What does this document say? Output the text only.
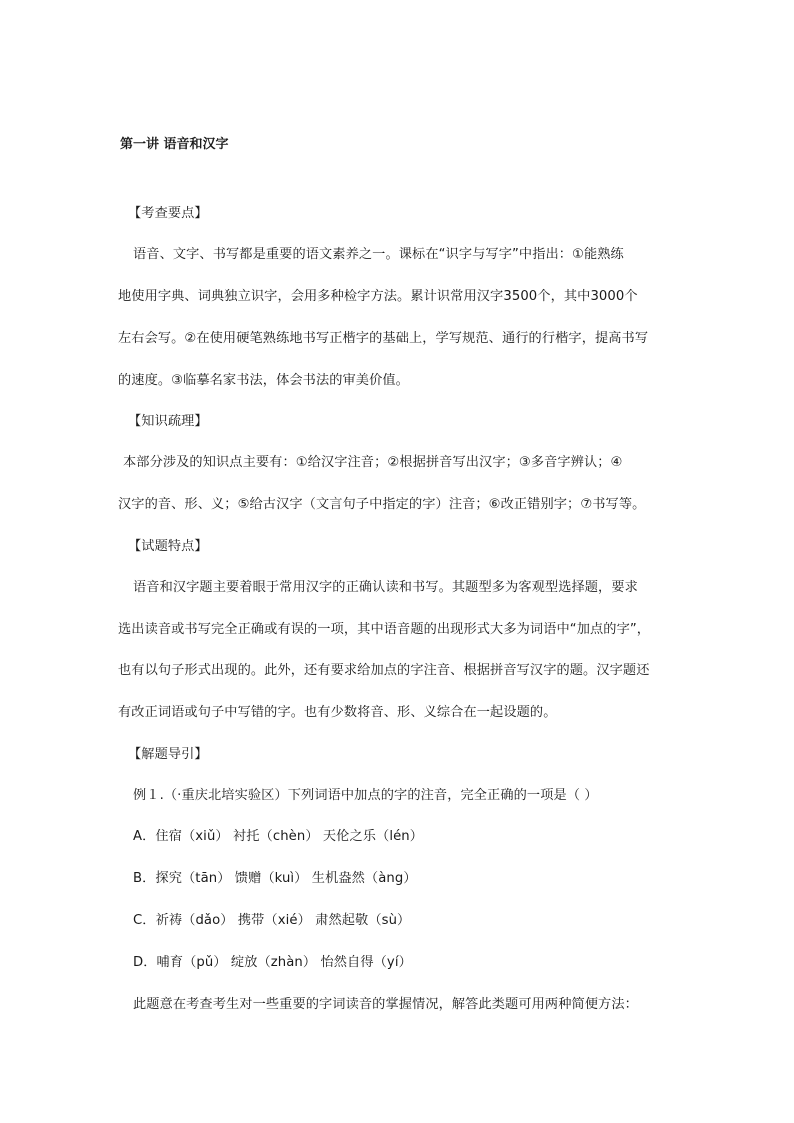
第一讲 语音和汉字
【考查要点】
语音、文字、书写都是重要的语文素养之一。课标在“识字与写字”中指出：①能熟练
地使用字典、词典独立识字，会用多种检字方法。累计识常用汉字3500个，其中3000个
左右会写。②在使用硬笔熟练地书写正楷字的基础上，学写规范、通行的行楷字，提高书写
的速度。③临摹名家书法，体会书法的审美价值。
【知识疏理】
本部分涉及的知识点主要有：①给汉字注音；②根据拼音写出汉字；③多音字辨认；④
汉字的音、形、义；⑤给古汉字（文言句子中指定的字）注音；⑥改正错别字；⑦书写等。
【试题特点】
语音和汉字题主要着眼于常用汉字的正确认读和书写。其题型多为客观型选择题，要求
选出读音或书写完全正确或有误的一项，其中语音题的出现形式大多为词语中“加点的字”，
也有以句子形式出现的。此外，还有要求给加点的字注音、根据拼音写汉字的题。汉字题还
有改正词语或句子中写错的字。也有少数将音、形、义综合在一起设题的。
【解题导引】
例１.（·重庆北培实验区）下列词语中加点的字的注音，完全正确的一项是（ ）
A．住宿（xiǔ） 衬托（chèn） 天伦之乐（lén）
B．探究（tān） 馈赠（kuì） 生机盎然（àng）
C．祈祷（dǎo） 携带（xié） 肃然起敬（sù）
D．哺育（pǔ） 绽放（zhàn） 怡然自得（yí）
此题意在考查考生对一些重要的字词读音的掌握情况，解答此类题可用两种简便方法：
